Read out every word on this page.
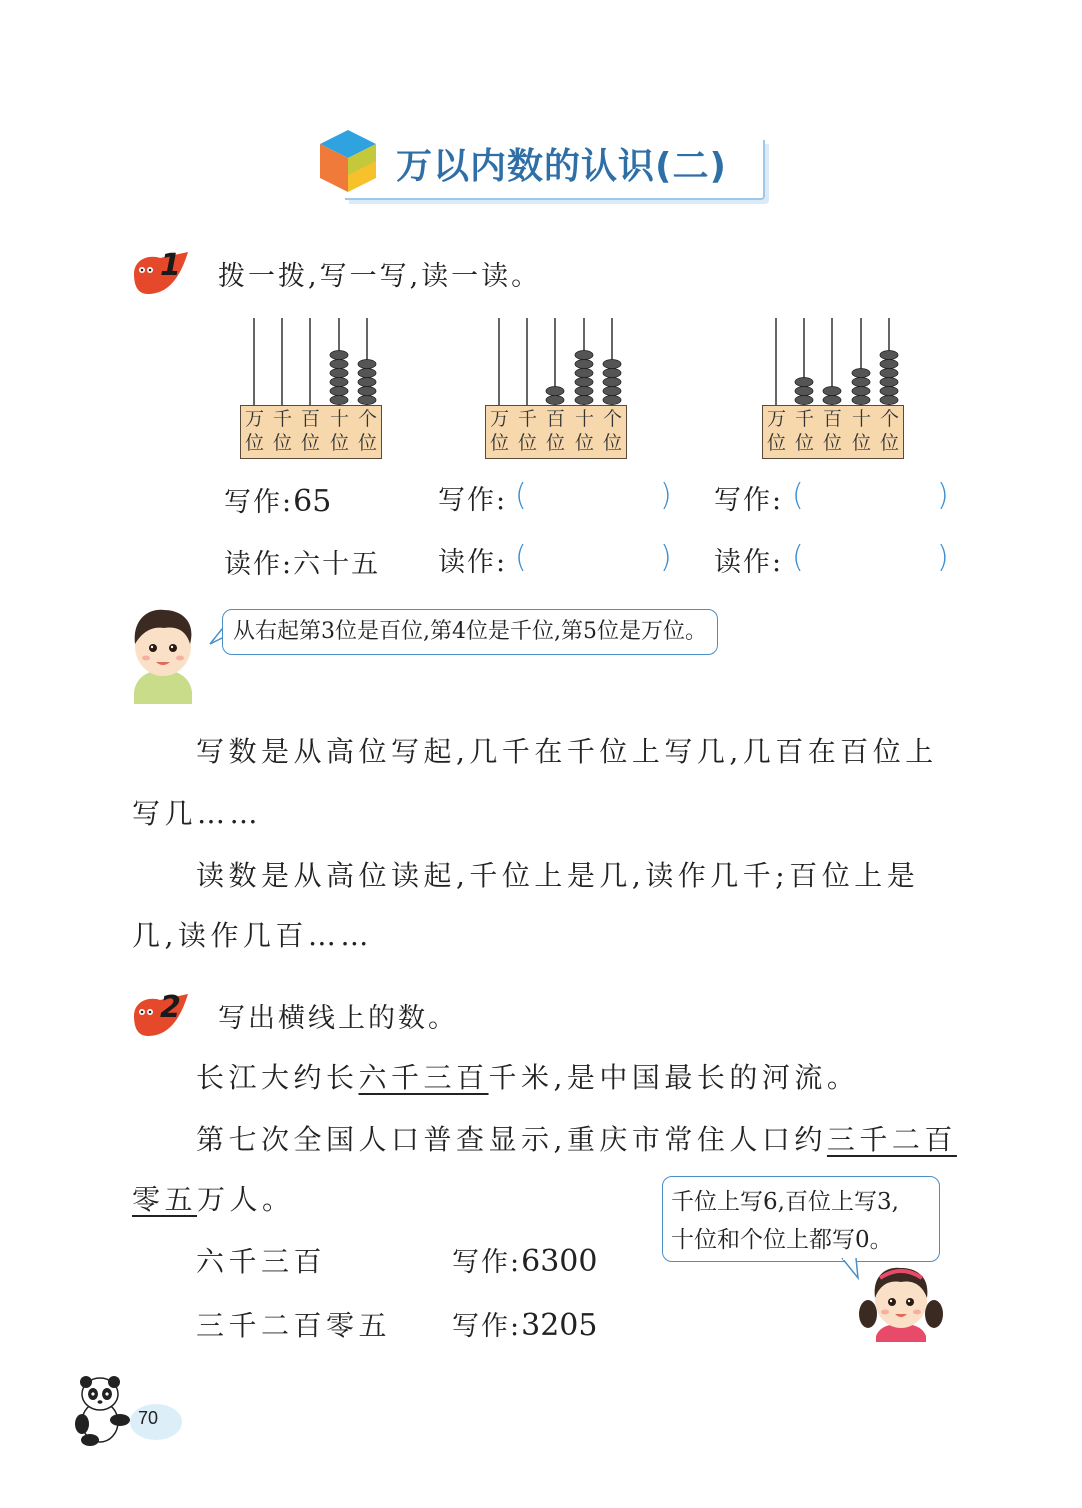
万以内数的认识(二)
1 拨一拨,写一写,读一读。
万 千 百 十 个
位 位 位 位 位
万 千 百 十 个
位 位 位 位 位
万 千 百 十 个
位 位 位 位 位
写作:65
读作:六十五
写作: (	)
读作: (	)
写作: (	)
读作: (	)
从右起第3位是百位,第4位是千位,第5位是万位。
写数是从高位写起,几千在千位上写几,几百在百位上
写几……
读数是从高位读起,千位上是几,读作几千;百位上是
几,读作几百……
2 写出横线上的数。
长江大约长六千三百千米,是中国最长的河流。
第七次全国人口普查显示,重庆市常住人口约三千二百
零五万人。
六千三百	写作:6300
三千二百零五 写作:3205
千位上写6,百位上写3,
十位和个位上都写0。
70
